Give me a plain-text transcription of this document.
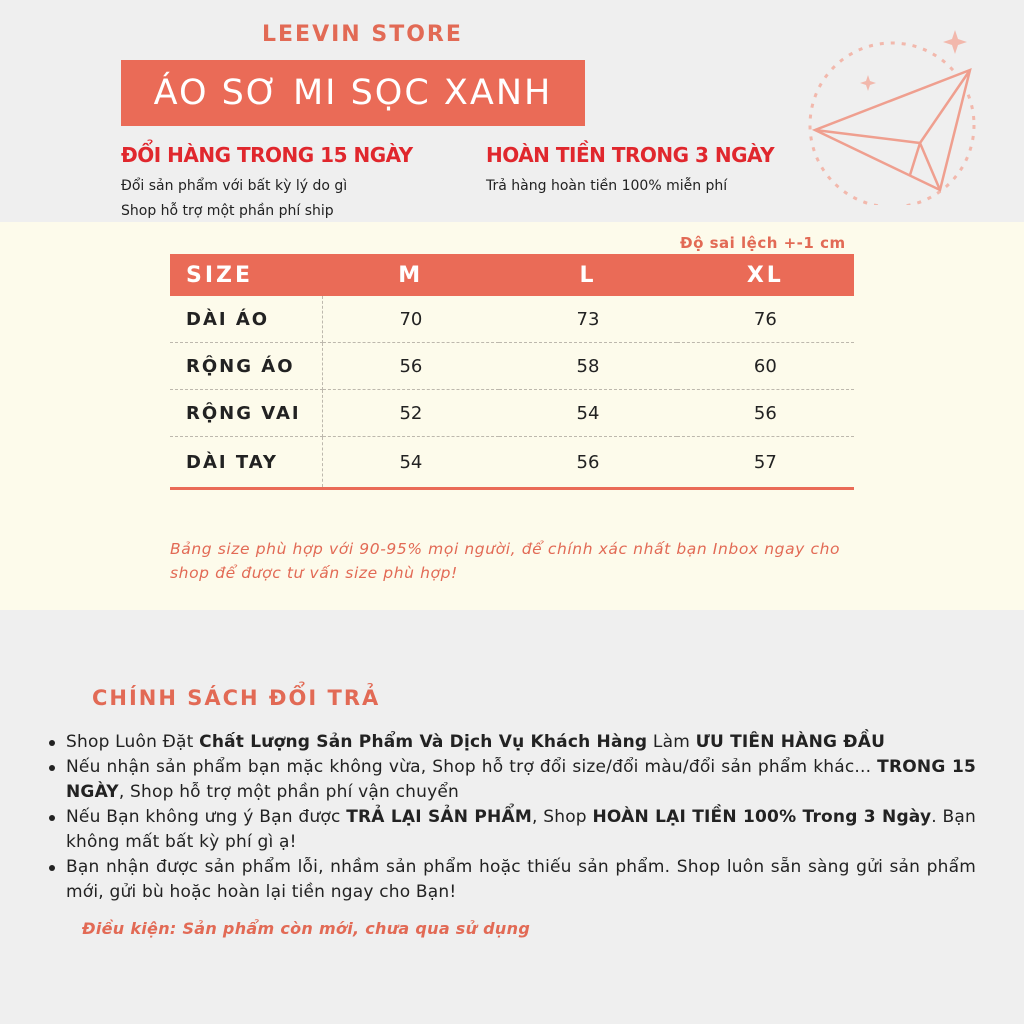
LEEVIN STORE
ÁO SƠ MI SỌC XANH
ĐỔI HÀNG TRONG 15 NGÀY
Đổi sản phẩm với bất kỳ lý do gì
Shop hỗ trợ một phần phí ship
HOÀN TIỀN TRONG 3 NGÀY
Trả hàng hoàn tiền 100% miễn phí
Độ sai lệch +-1 cm
SIZE	M	L	XL
DÀI ÁO	70	73	76
RỘNG ÁO	56	58	60
RỘNG VAI	52	54	56
DÀI TAY	54	56	57
Bảng size phù hợp với 90-95% mọi người, để chính xác nhất bạn Inbox ngay cho shop để được tư vấn size phù hợp!
CHÍNH SÁCH ĐỔI TRẢ
Shop Luôn Đặt Chất Lượng Sản Phẩm Và Dịch Vụ Khách Hàng Làm ƯU TIÊN HÀNG ĐẦU
Nếu nhận sản phẩm bạn mặc không vừa, Shop hỗ trợ đổi size/đổi màu/đổi sản phẩm khác... TRONG 15 NGÀY, Shop hỗ trợ một phần phí vận chuyển
Nếu Bạn không ưng ý Bạn được TRẢ LẠI SẢN PHẨM, Shop HOÀN LẠI TIỀN 100% Trong 3 Ngày. Bạn không mất bất kỳ phí gì ạ!
Bạn nhận được sản phẩm lỗi, nhầm sản phẩm hoặc thiếu sản phẩm. Shop luôn sẵn sàng gửi sản phẩm mới, gửi bù hoặc hoàn lại tiền ngay cho Bạn!
Điều kiện: Sản phẩm còn mới, chưa qua sử dụng
